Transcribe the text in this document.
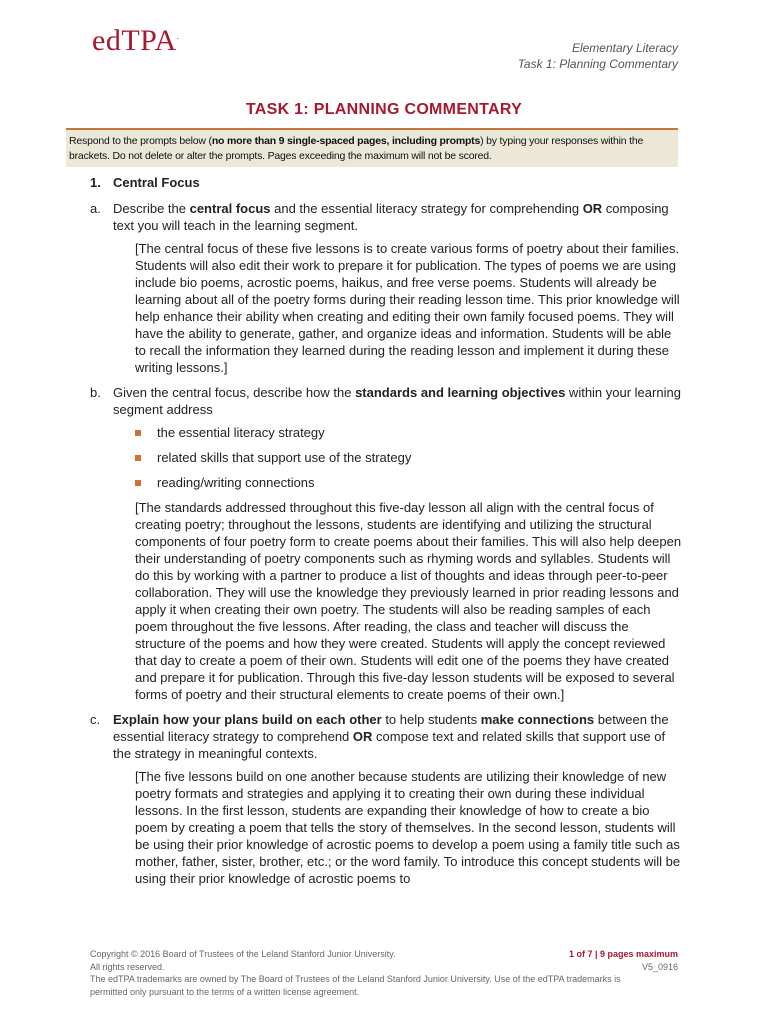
edTPA.
Elementary Literacy
Task 1: Planning Commentary
TASK 1: PLANNING COMMENTARY
Respond to the prompts below (no more than 9 single-spaced pages, including prompts) by typing your responses within the brackets. Do not delete or alter the prompts. Pages exceeding the maximum will not be scored.
1. Central Focus
a. Describe the central focus and the essential literacy strategy for comprehending OR composing text you will teach in the learning segment.
[The central focus of these five lessons is to create various forms of poetry about their families. Students will also edit their work to prepare it for publication. The types of poems we are using include bio poems, acrostic poems, haikus, and free verse poems. Students will already be learning about all of the poetry forms during their reading lesson time. This prior knowledge will help enhance their ability when creating and editing their own family focused poems. They will have the ability to generate, gather, and organize ideas and information. Students will be able to recall the information they learned during the reading lesson and implement it during these writing lessons.]
b. Given the central focus, describe how the standards and learning objectives within your learning segment address
the essential literacy strategy
related skills that support use of the strategy
reading/writing connections
[The standards addressed throughout this five-day lesson all align with the central focus of creating poetry; throughout the lessons, students are identifying and utilizing the structural components of four poetry form to create poems about their families. This will also help deepen their understanding of poetry components such as rhyming words and syllables. Students will do this by working with a partner to produce a list of thoughts and ideas through peer-to-peer collaboration. They will use the knowledge they previously learned in prior reading lessons and apply it when creating their own poetry. The students will also be reading samples of each poem throughout the five lessons. After reading, the class and teacher will discuss the structure of the poems and how they were created. Students will apply the concept reviewed that day to create a poem of their own. Students will edit one of the poems they have created and prepare it for publication. Through this five-day lesson students will be exposed to several forms of poetry and their structural elements to create poems of their own.]
c. Explain how your plans build on each other to help students make connections between the essential literacy strategy to comprehend OR compose text and related skills that support use of the strategy in meaningful contexts.
[The five lessons build on one another because students are utilizing their knowledge of new poetry formats and strategies and applying it to creating their own during these individual lessons. In the first lesson, students are expanding their knowledge of how to create a bio poem by creating a poem that tells the story of themselves. In the second lesson, students will be using their prior knowledge of acrostic poems to develop a poem using a family title such as mother, father, sister, brother, etc.; or the word family. To introduce this concept students will be using their prior knowledge of acrostic poems to
Copyright © 2016 Board of Trustees of the Leland Stanford Junior University.
All rights reserved.
The edTPA trademarks are owned by The Board of Trustees of the Leland Stanford Junior University. Use of the edTPA trademarks is permitted only pursuant to the terms of a written license agreement.
1 of 7 | 9 pages maximum
V5_0916
